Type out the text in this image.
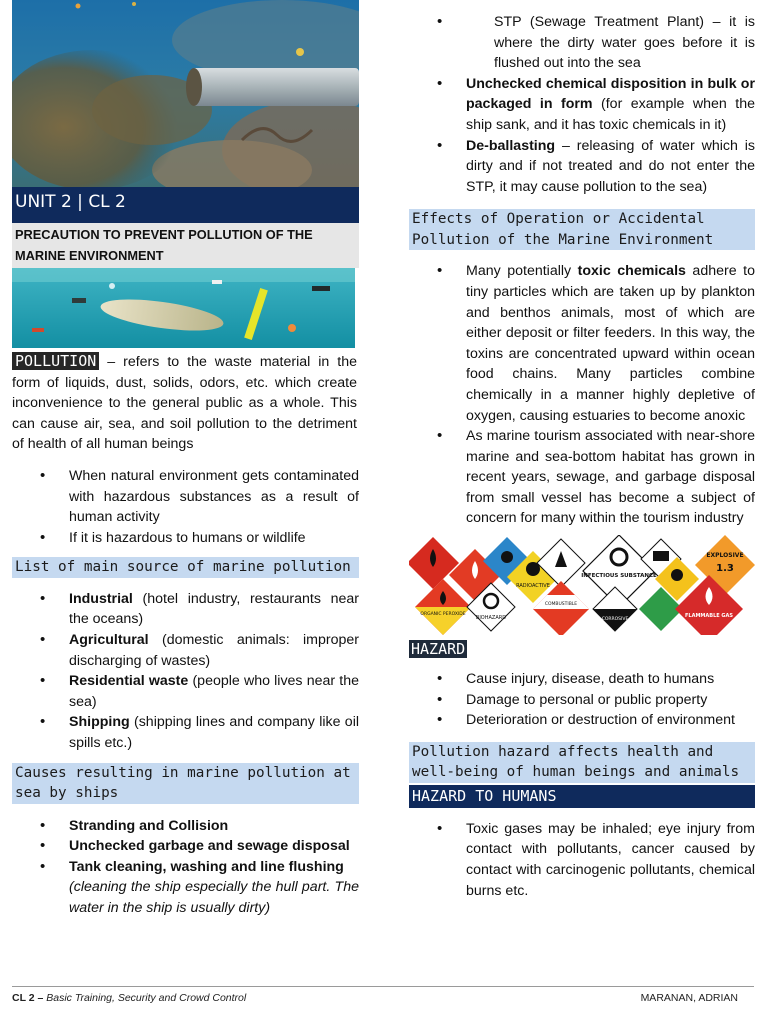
UNIT 2 | CL 2
PRECAUTION TO PREVENT POLLUTION OF THE MARINE ENVIRONMENT
POLLUTION – refers to the waste material in the form of liquids, dust, solids, odors, etc. which create inconvenience to the general public as a whole. This can cause air, sea, and soil pollution to the detriment of health of all human beings
• When natural environment gets contaminated with hazardous substances as a result of human activity
• If it is hazardous to humans or wildlife
List of main source of marine pollution
• Industrial (hotel industry, restaurants near the oceans)
• Agricultural (domestic animals: improper discharging of wastes)
• Residential waste (people who lives near the sea)
• Shipping (shipping lines and company like oil spills etc.)
Causes resulting in marine pollution at sea by ships
• Stranding and Collision
• Unchecked garbage and sewage disposal
• Tank cleaning, washing and line flushing
(cleaning the ship especially the hull part. The water in the ship is usually dirty)
• STP (Sewage Treatment Plant) – it is where the dirty water goes before it is flushed out into the sea
• Unchecked chemical disposition in bulk or packaged in form (for example when the ship sank, and it has toxic chemicals in it)
• De-ballasting – releasing of water which is dirty and if not treated and do not enter the STP, it may cause pollution to the sea)
Effects of Operation or Accidental Pollution of the Marine Environment
• Many potentially toxic chemicals adhere to tiny particles which are taken up by plankton and benthos animals, most of which are either deposit or filter feeders. In this way, the toxins are concentrated upward within ocean food chains. Many particles combine chemically in a manner highly depletive of oxygen, causing estuaries to become anoxic
• As marine tourism associated with near-shore marine and sea-bottom habitat has grown in recent years, sewage, and garbage disposal from small vessel has become a subject of concern for many within the tourism industry
RADIOACTIVE
INFECTIOUS SUBSTANCE
EXPLOSIVE
1.3
ORGANIC PEROXIDE
BIOHAZARD
COMBUSTIBLE
CORROSIVE
FLAMMABLE GAS
HAZARD
• Cause injury, disease, death to humans
• Damage to personal or public property
• Deterioration or destruction of environment
Pollution hazard affects health and well-being of human beings and animals
HAZARD TO HUMANS
• Toxic gases may be inhaled; eye injury from contact with pollutants, cancer caused by contact with carcinogenic pollutants, chemical burns etc.
CL 2 – Basic Training, Security and Crowd Control	MARANAN, ADRIAN
